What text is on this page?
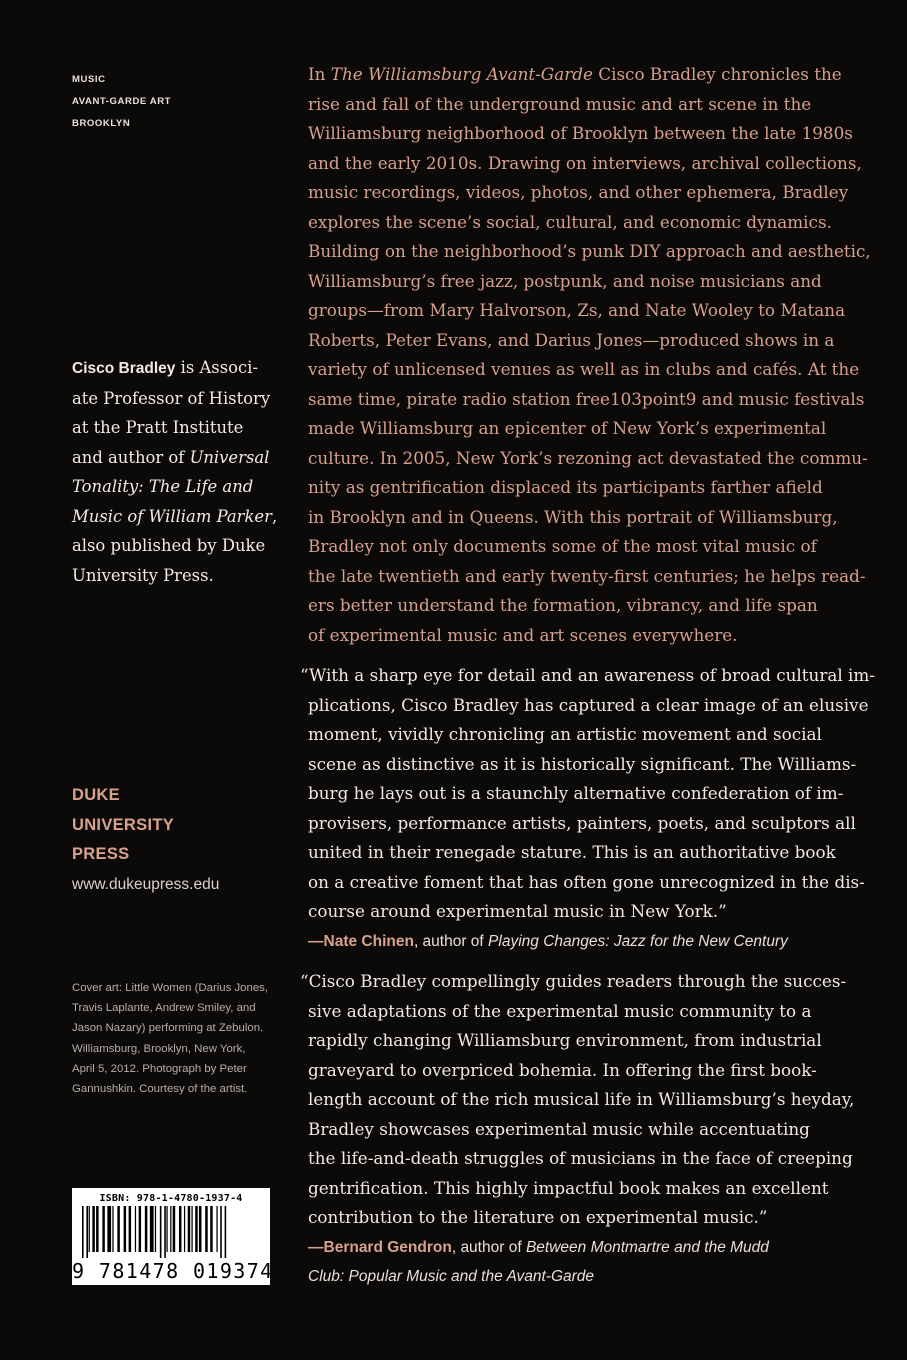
MUSIC
AVANT-GARDE ART
BROOKLYN
Cisco Bradley is Associ-
ate Professor of History
at the Pratt Institute
and author of Universal
Tonality: The Life and
Music of William Parker,
also published by Duke
University Press.
DUKE
UNIVERSITY
PRESS
www.dukeupress.edu
Cover art: Little Women (Darius Jones,
Travis Laplante, Andrew Smiley, and
Jason Nazary) performing at Zebulon.
Williamsburg, Brooklyn, New York,
April 5, 2012. Photograph by Peter
Gannushkin. Courtesy of the artist.
ISBN: 978-1-4780-1937-4
9 781478 019374
In The Williamsburg Avant-Garde Cisco Bradley chronicles the
rise and fall of the underground music and art scene in the
Williamsburg neighborhood of Brooklyn between the late 1980s
and the early 2010s. Drawing on interviews, archival collections,
music recordings, videos, photos, and other ephemera, Bradley
explores the scene’s social, cultural, and economic dynamics.
Building on the neighborhood’s punk DIY approach and aesthetic,
Williamsburg’s free jazz, postpunk, and noise musicians and
groups—from Mary Halvorson, Zs, and Nate Wooley to Matana
Roberts, Peter Evans, and Darius Jones—produced shows in a
variety of unlicensed venues as well as in clubs and cafés. At the
same time, pirate radio station free103point9 and music festivals
made Williamsburg an epicenter of New York’s experimental
culture. In 2005, New York’s rezoning act devastated the commu-
nity as gentrification displaced its participants farther afield
in Brooklyn and in Queens. With this portrait of Williamsburg,
Bradley not only documents some of the most vital music of
the late twentieth and early twenty-first centuries; he helps read-
ers better understand the formation, vibrancy, and life span
of experimental music and art scenes everywhere.
“With a sharp eye for detail and an awareness of broad cultural im-
plications, Cisco Bradley has captured a clear image of an elusive
moment, vividly chronicling an artistic movement and social
scene as distinctive as it is historically significant. The Williams-
burg he lays out is a staunchly alternative confederation of im-
provisers, performance artists, painters, poets, and sculptors all
united in their renegade stature. This is an authoritative book
on a creative foment that has often gone unrecognized in the dis-
course around experimental music in New York.”
—Nate Chinen, author of Playing Changes: Jazz for the New Century
“Cisco Bradley compellingly guides readers through the succes-
sive adaptations of the experimental music community to a
rapidly changing Williamsburg environment, from industrial
graveyard to overpriced bohemia. In offering the first book-
length account of the rich musical life in Williamsburg’s heyday,
Bradley showcases experimental music while accentuating
the life-and-death struggles of musicians in the face of creeping
gentrification. This highly impactful book makes an excellent
contribution to the literature on experimental music.”
—Bernard Gendron, author of Between Montmartre and the Mudd
Club: Popular Music and the Avant-Garde
